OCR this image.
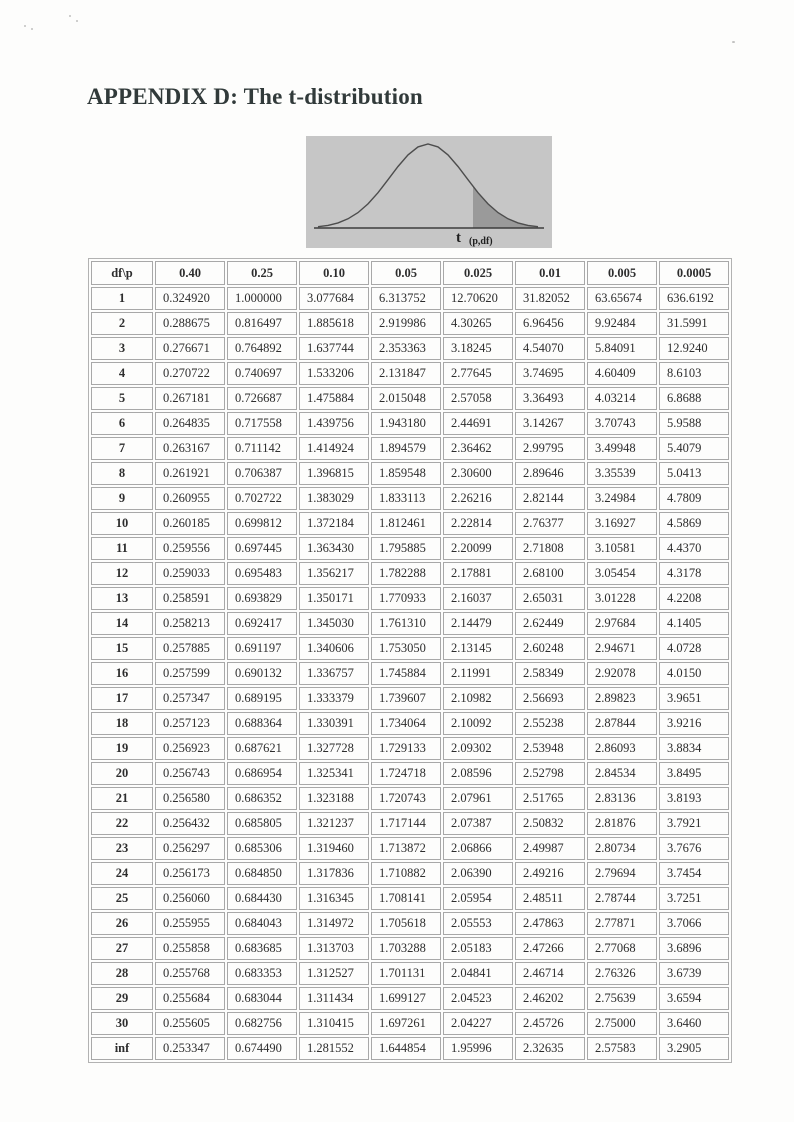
APPENDIX D: The t-distribution
t (p,df)
df\p	0.40	0.25	0.10	0.05	0.025	0.01	0.005	0.0005
1	0.324920	1.000000	3.077684	6.313752	12.70620	31.82052	63.65674	636.6192
2	0.288675	0.816497	1.885618	2.919986	4.30265	6.96456	9.92484	31.5991
3	0.276671	0.764892	1.637744	2.353363	3.18245	4.54070	5.84091	12.9240
4	0.270722	0.740697	1.533206	2.131847	2.77645	3.74695	4.60409	8.6103
5	0.267181	0.726687	1.475884	2.015048	2.57058	3.36493	4.03214	6.8688
6	0.264835	0.717558	1.439756	1.943180	2.44691	3.14267	3.70743	5.9588
7	0.263167	0.711142	1.414924	1.894579	2.36462	2.99795	3.49948	5.4079
8	0.261921	0.706387	1.396815	1.859548	2.30600	2.89646	3.35539	5.0413
9	0.260955	0.702722	1.383029	1.833113	2.26216	2.82144	3.24984	4.7809
10	0.260185	0.699812	1.372184	1.812461	2.22814	2.76377	3.16927	4.5869
11	0.259556	0.697445	1.363430	1.795885	2.20099	2.71808	3.10581	4.4370
12	0.259033	0.695483	1.356217	1.782288	2.17881	2.68100	3.05454	4.3178
13	0.258591	0.693829	1.350171	1.770933	2.16037	2.65031	3.01228	4.2208
14	0.258213	0.692417	1.345030	1.761310	2.14479	2.62449	2.97684	4.1405
15	0.257885	0.691197	1.340606	1.753050	2.13145	2.60248	2.94671	4.0728
16	0.257599	0.690132	1.336757	1.745884	2.11991	2.58349	2.92078	4.0150
17	0.257347	0.689195	1.333379	1.739607	2.10982	2.56693	2.89823	3.9651
18	0.257123	0.688364	1.330391	1.734064	2.10092	2.55238	2.87844	3.9216
19	0.256923	0.687621	1.327728	1.729133	2.09302	2.53948	2.86093	3.8834
20	0.256743	0.686954	1.325341	1.724718	2.08596	2.52798	2.84534	3.8495
21	0.256580	0.686352	1.323188	1.720743	2.07961	2.51765	2.83136	3.8193
22	0.256432	0.685805	1.321237	1.717144	2.07387	2.50832	2.81876	3.7921
23	0.256297	0.685306	1.319460	1.713872	2.06866	2.49987	2.80734	3.7676
24	0.256173	0.684850	1.317836	1.710882	2.06390	2.49216	2.79694	3.7454
25	0.256060	0.684430	1.316345	1.708141	2.05954	2.48511	2.78744	3.7251
26	0.255955	0.684043	1.314972	1.705618	2.05553	2.47863	2.77871	3.7066
27	0.255858	0.683685	1.313703	1.703288	2.05183	2.47266	2.77068	3.6896
28	0.255768	0.683353	1.312527	1.701131	2.04841	2.46714	2.76326	3.6739
29	0.255684	0.683044	1.311434	1.699127	2.04523	2.46202	2.75639	3.6594
30	0.255605	0.682756	1.310415	1.697261	2.04227	2.45726	2.75000	3.6460
inf	0.253347	0.674490	1.281552	1.644854	1.95996	2.32635	2.57583	3.2905
